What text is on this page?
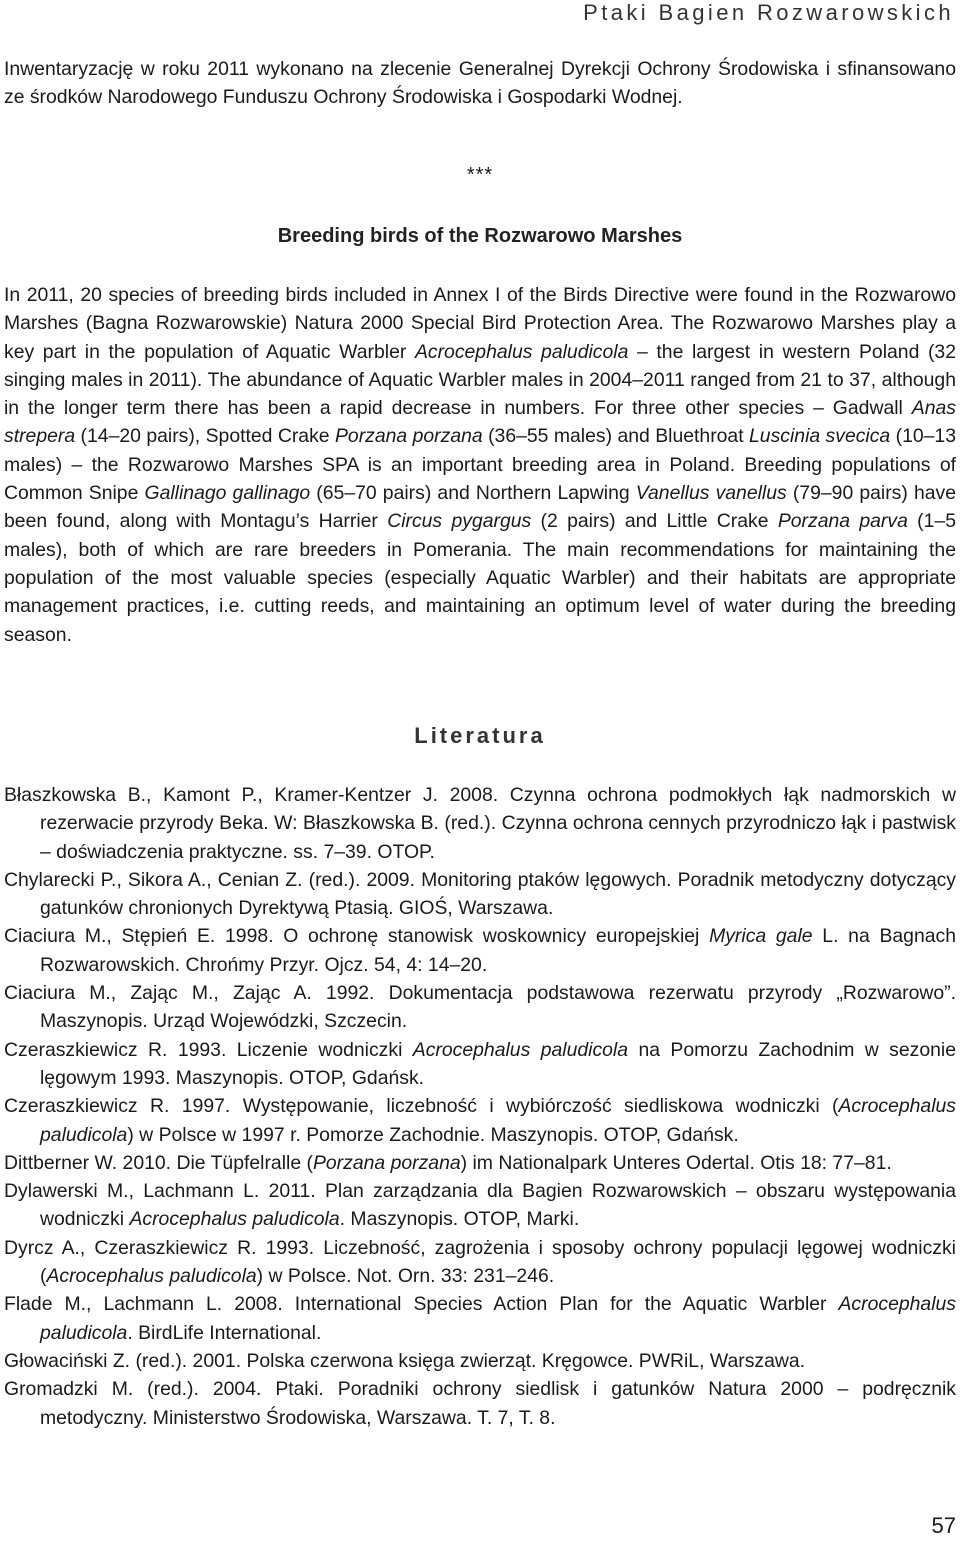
Ptaki Bagien Rozwarowskich

Inwentaryzację w roku 2011 wykonano na zlecenie Generalnej Dyrekcji Ochrony Środowiska i sfinansowano ze środków Narodowego Funduszu Ochrony Środowiska i Gospodarki Wodnej.

***
Breeding birds of the Rozwarowo Marshes

In 2011, 20 species of breeding birds included in Annex I of the Birds Directive were found in the Rozwarowo Marshes (Bagna Rozwarowskie) Natura 2000 Special Bird Protection Area. The Rozwarowo Marshes play a key part in the population of Aquatic Warbler Acrocephalus paludicola – the largest in western Poland (32 singing males in 2011). The abundance of Aquatic Warbler males in 2004–2011 ranged from 21 to 37, although in the longer term there has been a rapid decrease in numbers. For three other species – Gadwall Anas strepera (14–20 pairs), Spotted Crake Porzana porzana (36–55 males) and Bluethroat Luscinia svecica (10–13 males) – the Rozwarowo Marshes SPA is an important breeding area in Poland. Breeding populations of Common Snipe Gallinago gallinago (65–70 pairs) and Northern Lapwing Vanellus vanellus (79–90 pairs) have been found, along with Montagu’s Harrier Circus pygargus (2 pairs) and Little Crake Porzana parva (1–5 males), both of which are rare breeders in Pomerania. The main recommendations for maintaining the population of the most valuable species (especially Aquatic Warbler) and their habitats are appropriate management practices, i.e. cutting reeds, and maintaining an optimum level of water during the breeding season.

Literatura

Błaszkowska B., Kamont P., Kramer-Kentzer J. 2008. Czynna ochrona podmokłych łąk nadmorskich w rezerwacie przyrody Beka. W: Błaszkowska B. (red.). Czynna ochrona cennych przyrodniczo łąk i pastwisk – doświadczenia praktyczne. ss. 7–39. OTOP.

Chylarecki P., Sikora A., Cenian Z. (red.). 2009. Monitoring ptaków lęgowych. Poradnik metodyczny dotyczący gatunków chronionych Dyrektywą Ptasią. GIOŚ, Warszawa.

Ciaciura M., Stępień E. 1998. O ochronę stanowisk woskownicy europejskiej Myrica gale L. na Bagnach Rozwarowskich. Chrońmy Przyr. Ojcz. 54, 4: 14–20.

Ciaciura M., Zając M., Zając A. 1992. Dokumentacja podstawowa rezerwatu przyrody „Rozwarowo”. Maszynopis. Urząd Wojewódzki, Szczecin.

Czeraszkiewicz R. 1993. Liczenie wodniczki Acrocephalus paludicola na Pomorzu Zachodnim w sezonie lęgowym 1993. Maszynopis. OTOP, Gdańsk.

Czeraszkiewicz R. 1997. Występowanie, liczebność i wybiórczość siedliskowa wodniczki (Acrocephalus paludicola) w Polsce w 1997 r. Pomorze Zachodnie. Maszynopis. OTOP, Gdańsk.

Dittberner W. 2010. Die Tüpfelralle (Porzana porzana) im Nationalpark Unteres Odertal. Otis 18: 77–81.

Dylawerski M., Lachmann L. 2011. Plan zarządzania dla Bagien Rozwarowskich – obszaru występowania wodniczki Acrocephalus paludicola. Maszynopis. OTOP, Marki.

Dyrcz A., Czeraszkiewicz R. 1993. Liczebność, zagrożenia i sposoby ochrony populacji lęgowej wodniczki (Acrocephalus paludicola) w Polsce. Not. Orn. 33: 231–246.

Flade M., Lachmann L. 2008. International Species Action Plan for the Aquatic Warbler Acrocephalus paludicola. BirdLife International.

Głowaciński Z. (red.). 2001. Polska czerwona księga zwierząt. Kręgowce. PWRiL, Warszawa.

Gromadzki M. (red.). 2004. Ptaki. Poradniki ochrony siedlisk i gatunków Natura 2000 – podręcznik metodyczny. Ministerstwo Środowiska, Warszawa. T. 7, T. 8.

57
